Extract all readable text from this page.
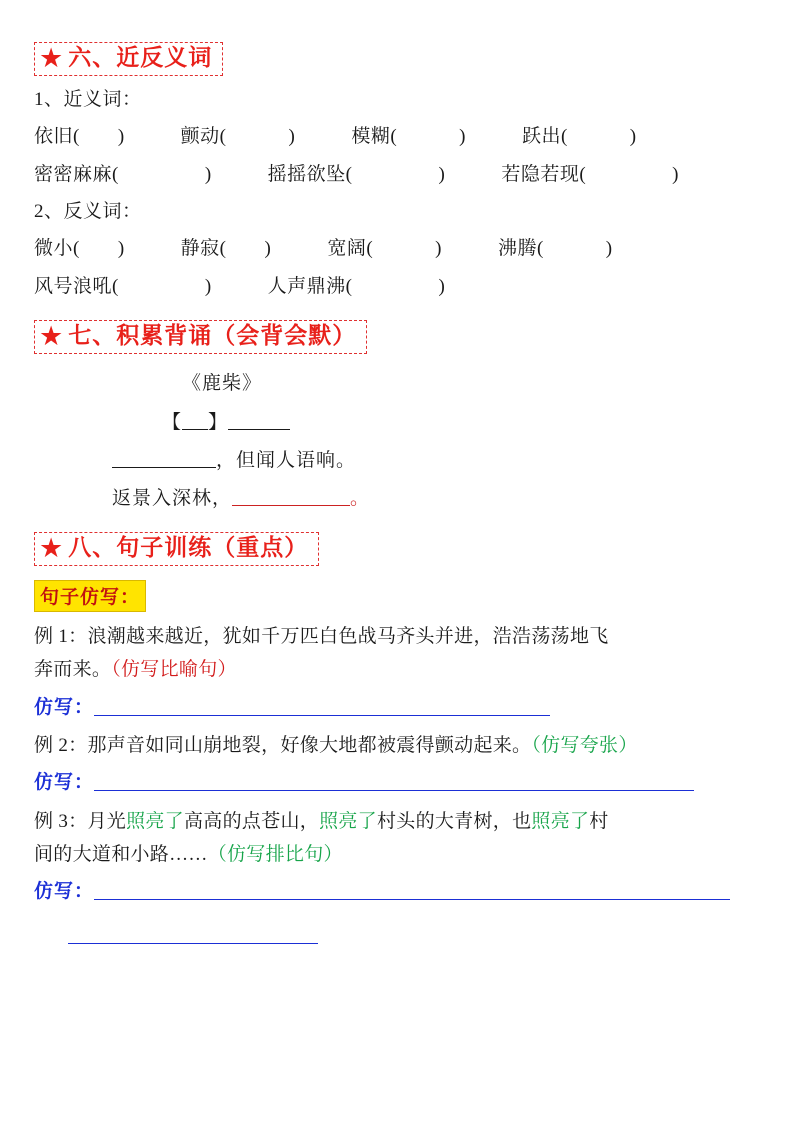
★ 六、近反义词
1、近义词：
依旧( )	颤动(	)	模糊(	)	跃出(	)
密密麻麻(	)	摇摇欲坠(	)	若隐若现(	)
2、反义词：
微小( )	静寂( )	宽阔(	)	沸腾(	)
风号浪吼(	)	人声鼎沸(	)
★ 七、积累背诵（会背会默）
《鹿柴》
【 】
，但闻人语响。
返景入深林，	。
★ 八、句子训练（重点）
句子仿写：
例 1：浪潮越来越近，犹如千万匹白色战马齐头并进，浩浩荡荡地飞
奔而来。（仿写比喻句）
仿写：
例 2：那声音如同山崩地裂，好像大地都被震得颤动起来。（仿写夸张）
仿写：
例 3：月光照亮了高高的点苍山，照亮了村头的大青树，也照亮了村
间的大道和小路……（仿写排比句）
仿写：
